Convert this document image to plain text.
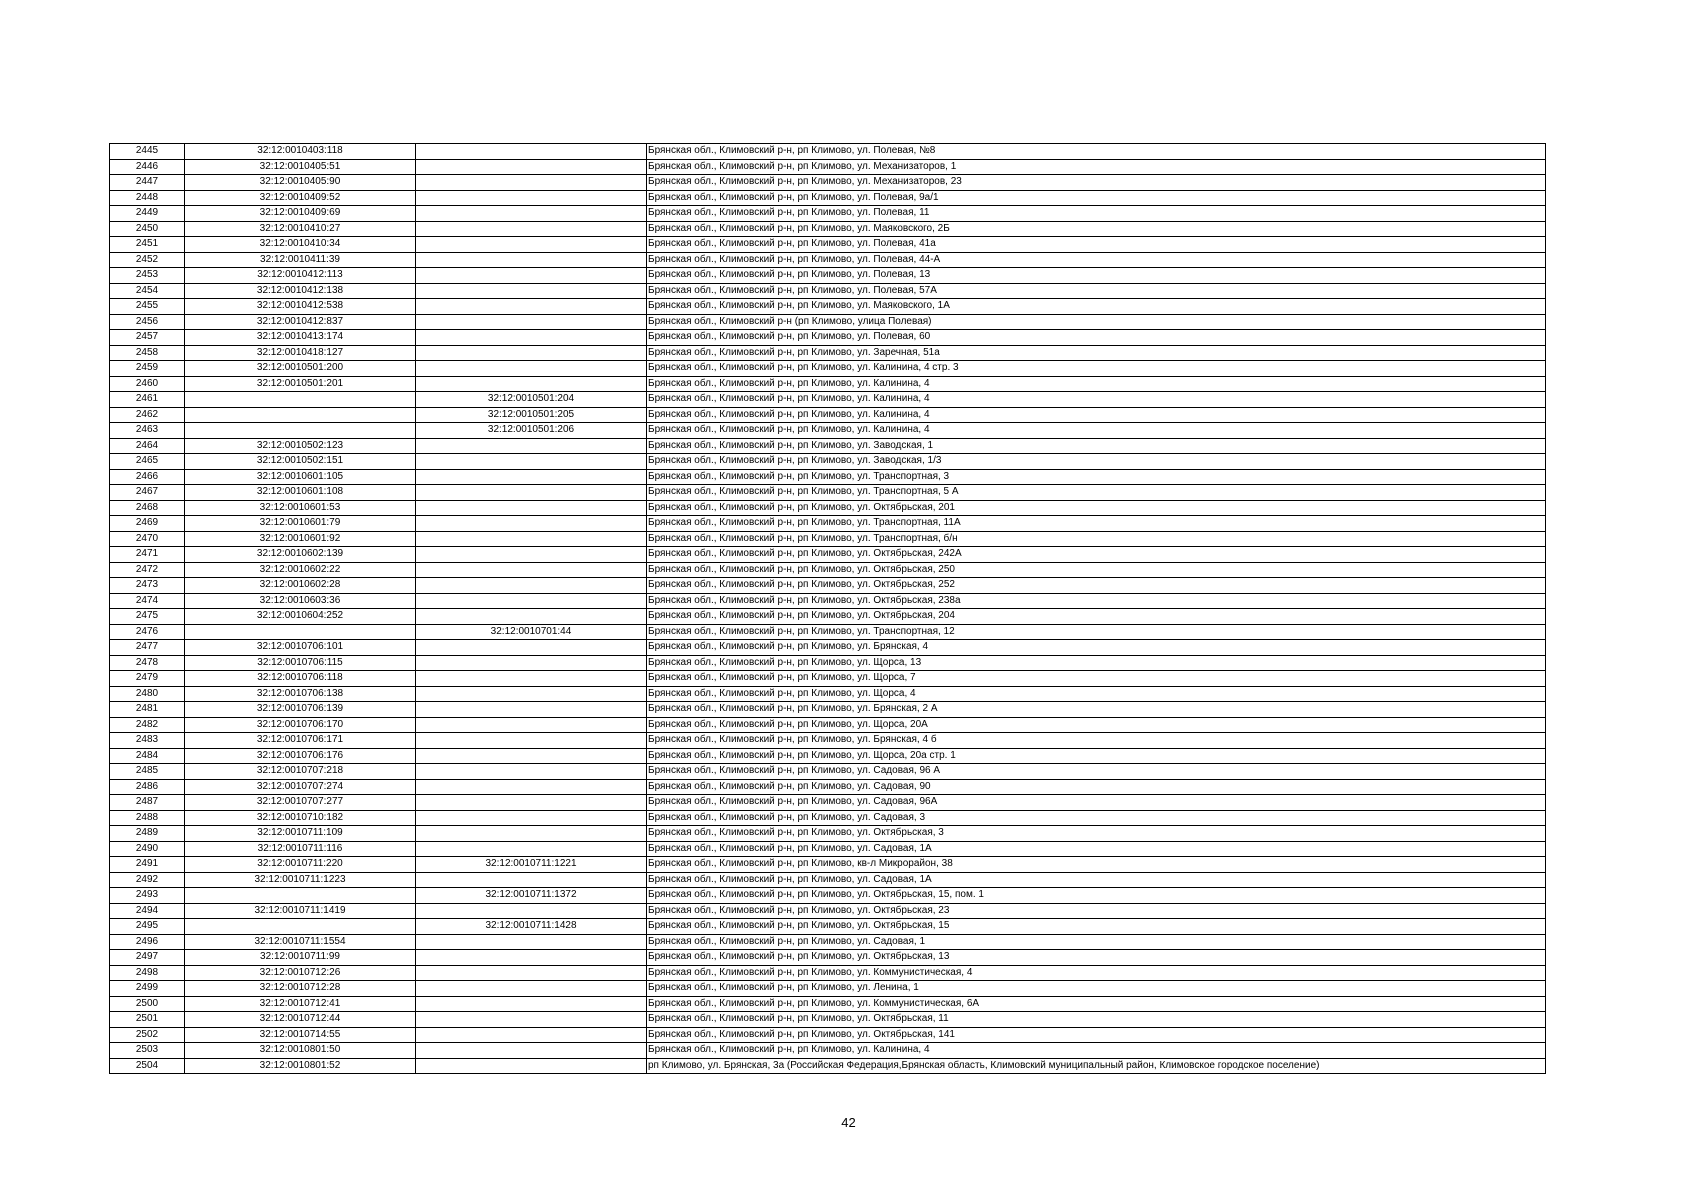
2445	32:12:0010403:118		Брянская обл., Климовский р-н, рп Климово, ул. Полевая, №8
2446	32:12:0010405:51		Брянская обл., Климовский р-н, рп Климово, ул. Механизаторов, 1
2447	32:12:0010405:90		Брянская обл., Климовский р-н, рп Климово, ул. Механизаторов, 23
2448	32:12:0010409:52		Брянская обл., Климовский р-н, рп Климово, ул. Полевая, 9а/1
2449	32:12:0010409:69		Брянская обл., Климовский р-н, рп Климово, ул. Полевая, 11
2450	32:12:0010410:27		Брянская обл., Климовский р-н, рп Климово, ул. Маяковского, 2Б
2451	32:12:0010410:34		Брянская обл., Климовский р-н, рп Климово, ул. Полевая, 41а
2452	32:12:0010411:39		Брянская обл., Климовский р-н, рп Климово, ул. Полевая, 44-А
2453	32:12:0010412:113		Брянская обл., Климовский р-н, рп Климово, ул. Полевая, 13
2454	32:12:0010412:138		Брянская обл., Климовский р-н, рп Климово, ул. Полевая, 57А
2455	32:12:0010412:538		Брянская обл., Климовский р-н, рп Климово, ул. Маяковского, 1А
2456	32:12:0010412:837		Брянская обл., Климовский р-н (рп Климово, улица Полевая)
2457	32:12:0010413:174		Брянская обл., Климовский р-н, рп Климово, ул. Полевая, 60
2458	32:12:0010418:127		Брянская обл., Климовский р-н, рп Климово, ул. Заречная, 51а
2459	32:12:0010501:200		Брянская обл., Климовский р-н, рп Климово, ул. Калинина, 4 стр. 3
2460	32:12:0010501:201		Брянская обл., Климовский р-н, рп Климово, ул. Калинина, 4
2461		32:12:0010501:204	Брянская обл., Климовский р-н, рп Климово, ул. Калинина, 4
2462		32:12:0010501:205	Брянская обл., Климовский р-н, рп Климово, ул. Калинина, 4
2463		32:12:0010501:206	Брянская обл., Климовский р-н, рп Климово, ул. Калинина, 4
2464	32:12:0010502:123		Брянская обл., Климовский р-н, рп Климово, ул. Заводская, 1
2465	32:12:0010502:151		Брянская обл., Климовский р-н, рп Климово, ул. Заводская, 1/3
2466	32:12:0010601:105		Брянская обл., Климовский р-н, рп Климово, ул. Транспортная, 3
2467	32:12:0010601:108		Брянская обл., Климовский р-н, рп Климово, ул. Транспортная, 5 А
2468	32:12:0010601:53		Брянская обл., Климовский р-н, рп Климово, ул. Октябрьская, 201
2469	32:12:0010601:79		Брянская обл., Климовский р-н, рп Климово, ул. Транспортная, 11А
2470	32:12:0010601:92		Брянская обл., Климовский р-н, рп Климово, ул. Транспортная, б/н
2471	32:12:0010602:139		Брянская обл., Климовский р-н, рп Климово, ул. Октябрьская, 242А
2472	32:12:0010602:22		Брянская обл., Климовский р-н, рп Климово, ул. Октябрьская, 250
2473	32:12:0010602:28		Брянская обл., Климовский р-н, рп Климово, ул. Октябрьская, 252
2474	32:12:0010603:36		Брянская обл., Климовский р-н, рп Климово, ул. Октябрьская, 238а
2475	32:12:0010604:252		Брянская обл., Климовский р-н, рп Климово, ул. Октябрьская, 204
2476		32:12:0010701:44	Брянская обл., Климовский р-н, рп Климово, ул. Транспортная, 12
2477	32:12:0010706:101		Брянская обл., Климовский р-н, рп Климово, ул. Брянская, 4
2478	32:12:0010706:115		Брянская обл., Климовский р-н, рп Климово, ул. Щорса, 13
2479	32:12:0010706:118		Брянская обл., Климовский р-н, рп Климово, ул. Щорса, 7
2480	32:12:0010706:138		Брянская обл., Климовский р-н, рп Климово, ул. Щорса, 4
2481	32:12:0010706:139		Брянская обл., Климовский р-н, рп Климово, ул. Брянская, 2 А
2482	32:12:0010706:170		Брянская обл., Климовский р-н, рп Климово, ул. Щорса, 20А
2483	32:12:0010706:171		Брянская обл., Климовский р-н, рп Климово, ул. Брянская, 4 б
2484	32:12:0010706:176		Брянская обл., Климовский р-н, рп Климово, ул. Щорса, 20а стр. 1
2485	32:12:0010707:218		Брянская обл., Климовский р-н, рп Климово, ул. Садовая, 96 А
2486	32:12:0010707:274		Брянская обл., Климовский р-н, рп Климово, ул. Садовая, 90
2487	32:12:0010707:277		Брянская обл., Климовский р-н, рп Климово, ул. Садовая, 96А
2488	32:12:0010710:182		Брянская обл., Климовский р-н, рп Климово, ул. Садовая, 3
2489	32:12:0010711:109		Брянская обл., Климовский р-н, рп Климово, ул. Октябрьская, 3
2490	32:12:0010711:116		Брянская обл., Климовский р-н, рп Климово, ул. Садовая, 1А
2491	32:12:0010711:220	32:12:0010711:1221	Брянская обл., Климовский р-н, рп Климово, кв-л Микрорайон, 38
2492	32:12:0010711:1223		Брянская обл., Климовский р-н, рп Климово, ул. Садовая, 1А
2493		32:12:0010711:1372	Брянская обл., Климовский р-н, рп Климово, ул. Октябрьская, 15, пом. 1
2494	32:12:0010711:1419		Брянская обл., Климовский р-н, рп Климово, ул. Октябрьская, 23
2495		32:12:0010711:1428	Брянская обл., Климовский р-н, рп Климово, ул. Октябрьская, 15
2496	32:12:0010711:1554		Брянская обл., Климовский р-н, рп Климово, ул. Садовая, 1
2497	32:12:0010711:99		Брянская обл., Климовский р-н, рп Климово, ул. Октябрьская, 13
2498	32:12:0010712:26		Брянская обл., Климовский р-н, рп Климово, ул. Коммунистическая, 4
2499	32:12:0010712:28		Брянская обл., Климовский р-н, рп Климово, ул. Ленина, 1
2500	32:12:0010712:41		Брянская обл., Климовский р-н, рп Климово, ул. Коммунистическая, 6А
2501	32:12:0010712:44		Брянская обл., Климовский р-н, рп Климово, ул. Октябрьская, 11
2502	32:12:0010714:55		Брянская обл., Климовский р-н, рп Климово, ул. Октябрьская, 141
2503	32:12:0010801:50		Брянская обл., Климовский р-н, рп Климово, ул. Калинина, 4
2504	32:12:0010801:52		рп Климово, ул. Брянская, 3а (Российская Федерация,Брянская область, Климовский муниципальный район, Климовское городское поселение)
42
